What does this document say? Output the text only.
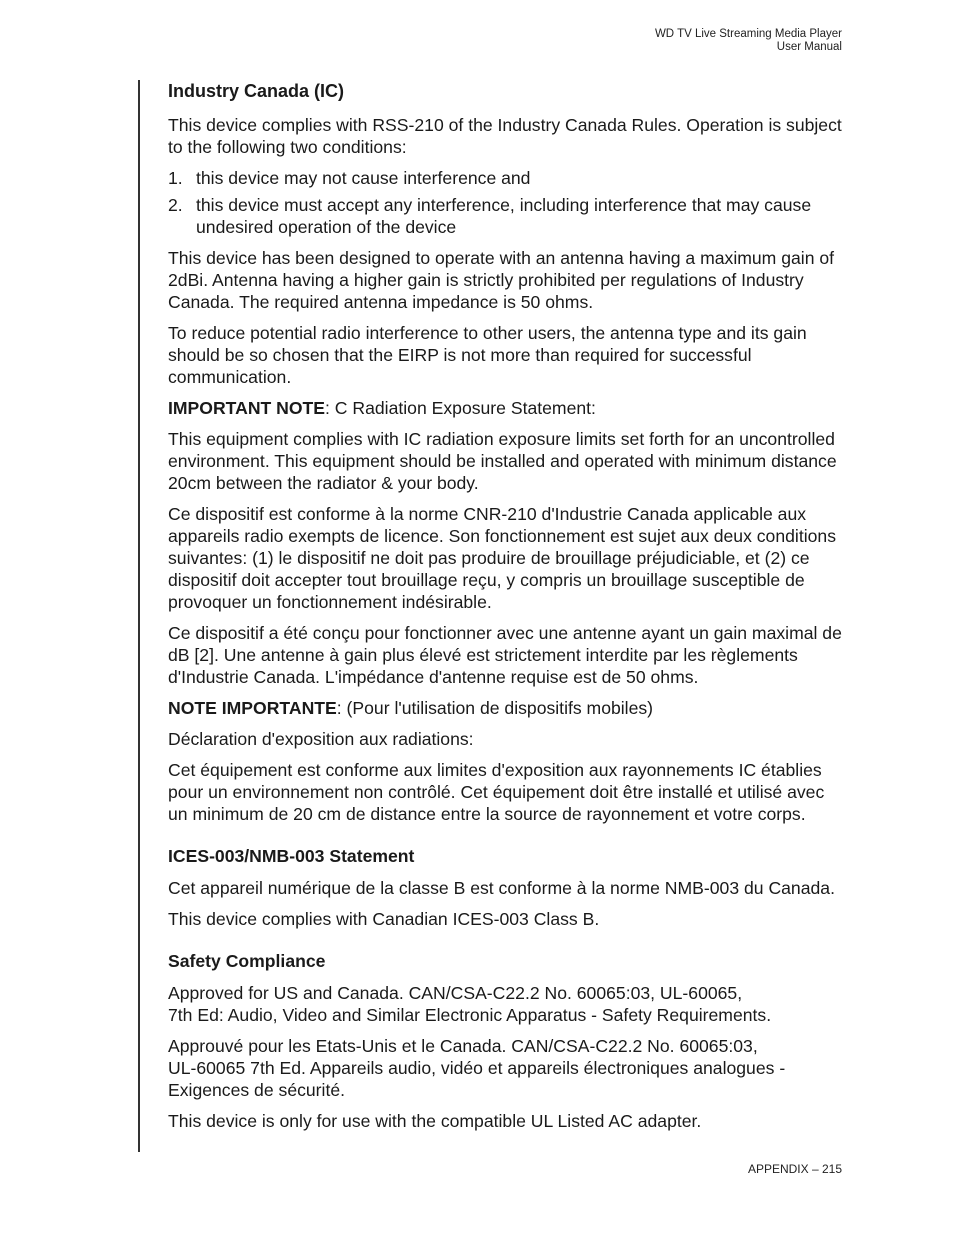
WD TV Live Streaming Media Player
User Manual
Industry Canada (IC)

This device complies with RSS-210 of the Industry Canada Rules. Operation is subject to the following two conditions:

1. this device may not cause interference and
2. this device must accept any interference, including interference that may cause undesired operation of the device

This device has been designed to operate with an antenna having a maximum gain of 2dBi. Antenna having a higher gain is strictly prohibited per regulations of Industry Canada. The required antenna impedance is 50 ohms.

To reduce potential radio interference to other users, the antenna type and its gain should be so chosen that the EIRP is not more than required for successful communication.

IMPORTANT NOTE: C Radiation Exposure Statement:

This equipment complies with IC radiation exposure limits set forth for an uncontrolled environment. This equipment should be installed and operated with minimum distance 20cm between the radiator & your body.

Ce dispositif est conforme à la norme CNR-210 d'Industrie Canada applicable aux appareils radio exempts de licence. Son fonctionnement est sujet aux deux conditions suivantes: (1) le dispositif ne doit pas produire de brouillage préjudiciable, et (2) ce dispositif doit accepter tout brouillage reçu, y compris un brouillage susceptible de provoquer un fonctionnement indésirable.

Ce dispositif a été conçu pour fonctionner avec une antenne ayant un gain maximal de dB [2]. Une antenne à gain plus élevé est strictement interdite par les règlements d'Industrie Canada. L'impédance d'antenne requise est de 50 ohms.

NOTE IMPORTANTE: (Pour l'utilisation de dispositifs mobiles)

Déclaration d'exposition aux radiations:

Cet équipement est conforme aux limites d'exposition aux rayonnements IC établies pour un environnement non contrôlé. Cet équipement doit être installé et utilisé avec un minimum de 20 cm de distance entre la source de rayonnement et votre corps.

ICES-003/NMB-003 Statement

Cet appareil numérique de la classe B est conforme à la norme NMB-003 du Canada.

This device complies with Canadian ICES-003 Class B.

Safety Compliance

Approved for US and Canada. CAN/CSA-C22.2 No. 60065:03, UL-60065,
7th Ed: Audio, Video and Similar Electronic Apparatus - Safety Requirements.

Approuvé pour les Etats-Unis et le Canada. CAN/CSA-C22.2 No. 60065:03,
UL-60065 7th Ed. Appareils audio, vidéo et appareils électroniques analogues - Exigences de sécurité.

This device is only for use with the compatible UL Listed AC adapter.

APPENDIX – 215
